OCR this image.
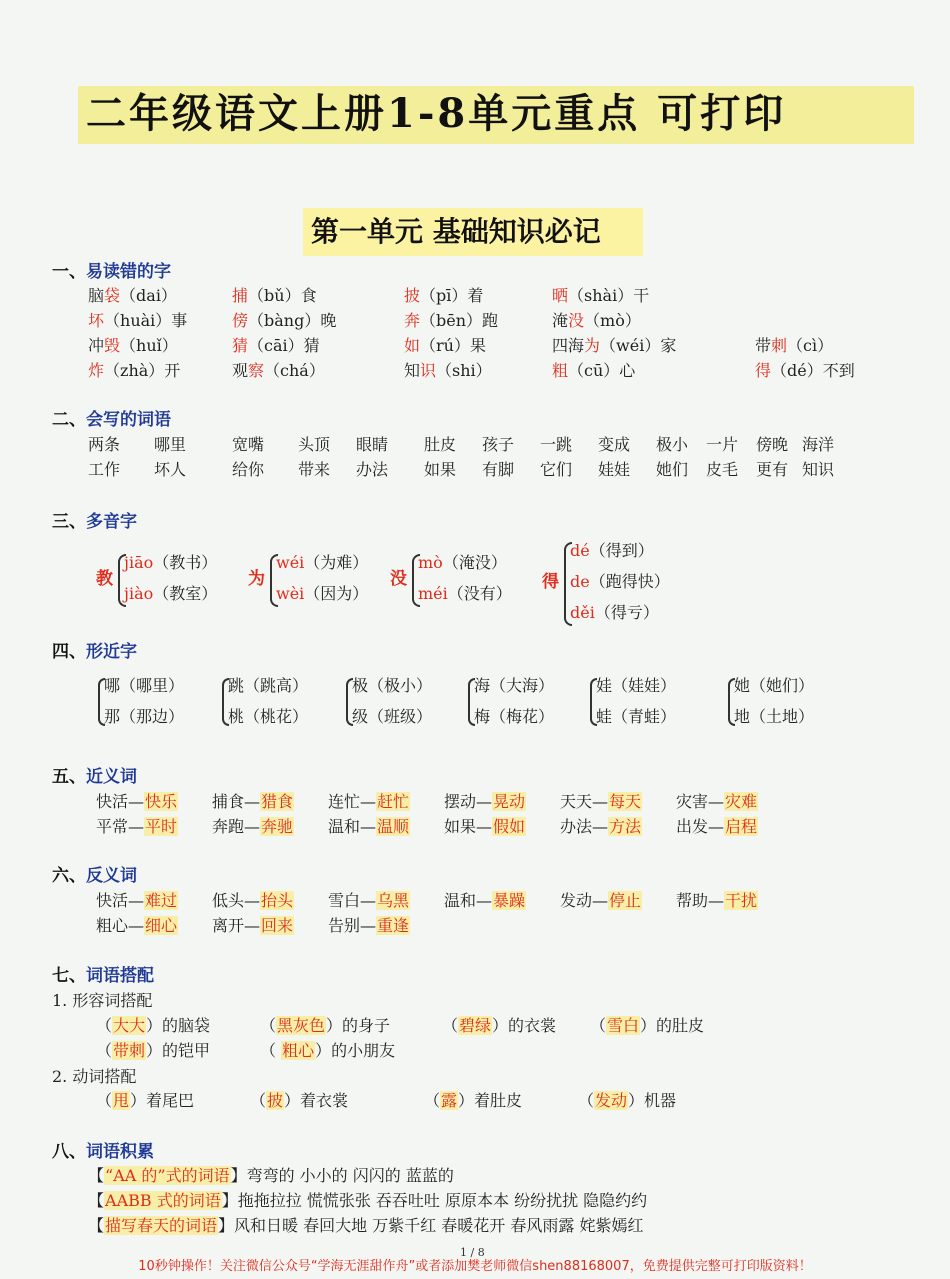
二年级语文上册1-8单元重点 可打印
第一单元 基础知识必记
一、易读错的字
二、会写的词语
三、多音字
四、形近字
五、近义词
六、反义词
七、词语搭配
1. 形容词搭配
2. 动词搭配
八、词语积累
1 / 8
10秒钟操作！关注微信公众号“学海无涯甜作舟”或者添加樊老师微信shen88168007，免费提供完整可打印版资料！
脑袋（dai）	捕（bǔ）食	披（pī）着	晒（shài）干
坏（huài）事	傍（bàng）晚	奔（bēn）跑	淹没（mò）
冲毁（huǐ）	猜（cāi）猜	如（rú）果	四海为（wéi）家	带刺（cì）
炸（zhà）开	观察（chá）	知识（shi）	粗（cū）心	得（dé）不到
两条 哪里	宽嘴 头顶 眼睛 肚皮 孩子 一跳 变成 极小 一片 傍晚 海洋
工作 坏人	给你 带来 办法 如果 有脚 它们 娃娃 她们 皮毛 更有 知识
教
jiāo（教书）
jiào（教室）
为
wéi（为难）
wèi（因为）
没
mò（淹没）
méi（没有）
得
dé（得到）
de（跑得快）
děi（得亏）
哪（哪里）
那（那边）
跳（跳高）
桃（桃花）
极（极小）
级（班级）
海（大海）
梅（梅花）
娃（娃娃）
蛙（青蛙）
她（她们）
地（土地）
快活—快乐 捕食—猎食 连忙—赶忙 摆动—晃动 天天—每天 灾害—灾难
平常—平时 奔跑—奔驰 温和—温顺 如果—假如 办法—方法 出发—启程
快活—难过 低头—抬头 雪白—乌黑 温和—暴躁 发动—停止 帮助—干扰
粗心—细心 离开—回来 告别—重逢
（大大）的脑袋	（黑灰色）的身子	（碧绿）的衣裳 （雪白）的肚皮
（带刺）的铠甲	（ 粗心）的小朋友
（甩）着尾巴	（披）着衣裳	（露）着肚皮	（发动）机器
【“AA 的”式的词语】弯弯的 小小的 闪闪的 蓝蓝的
【AABB 式的词语】拖拖拉拉 慌慌张张 吞吞吐吐 原原本本 纷纷扰扰 隐隐约约
【描写春天的词语】风和日暖 春回大地 万紫千红 春暖花开 春风雨露 姹紫嫣红
